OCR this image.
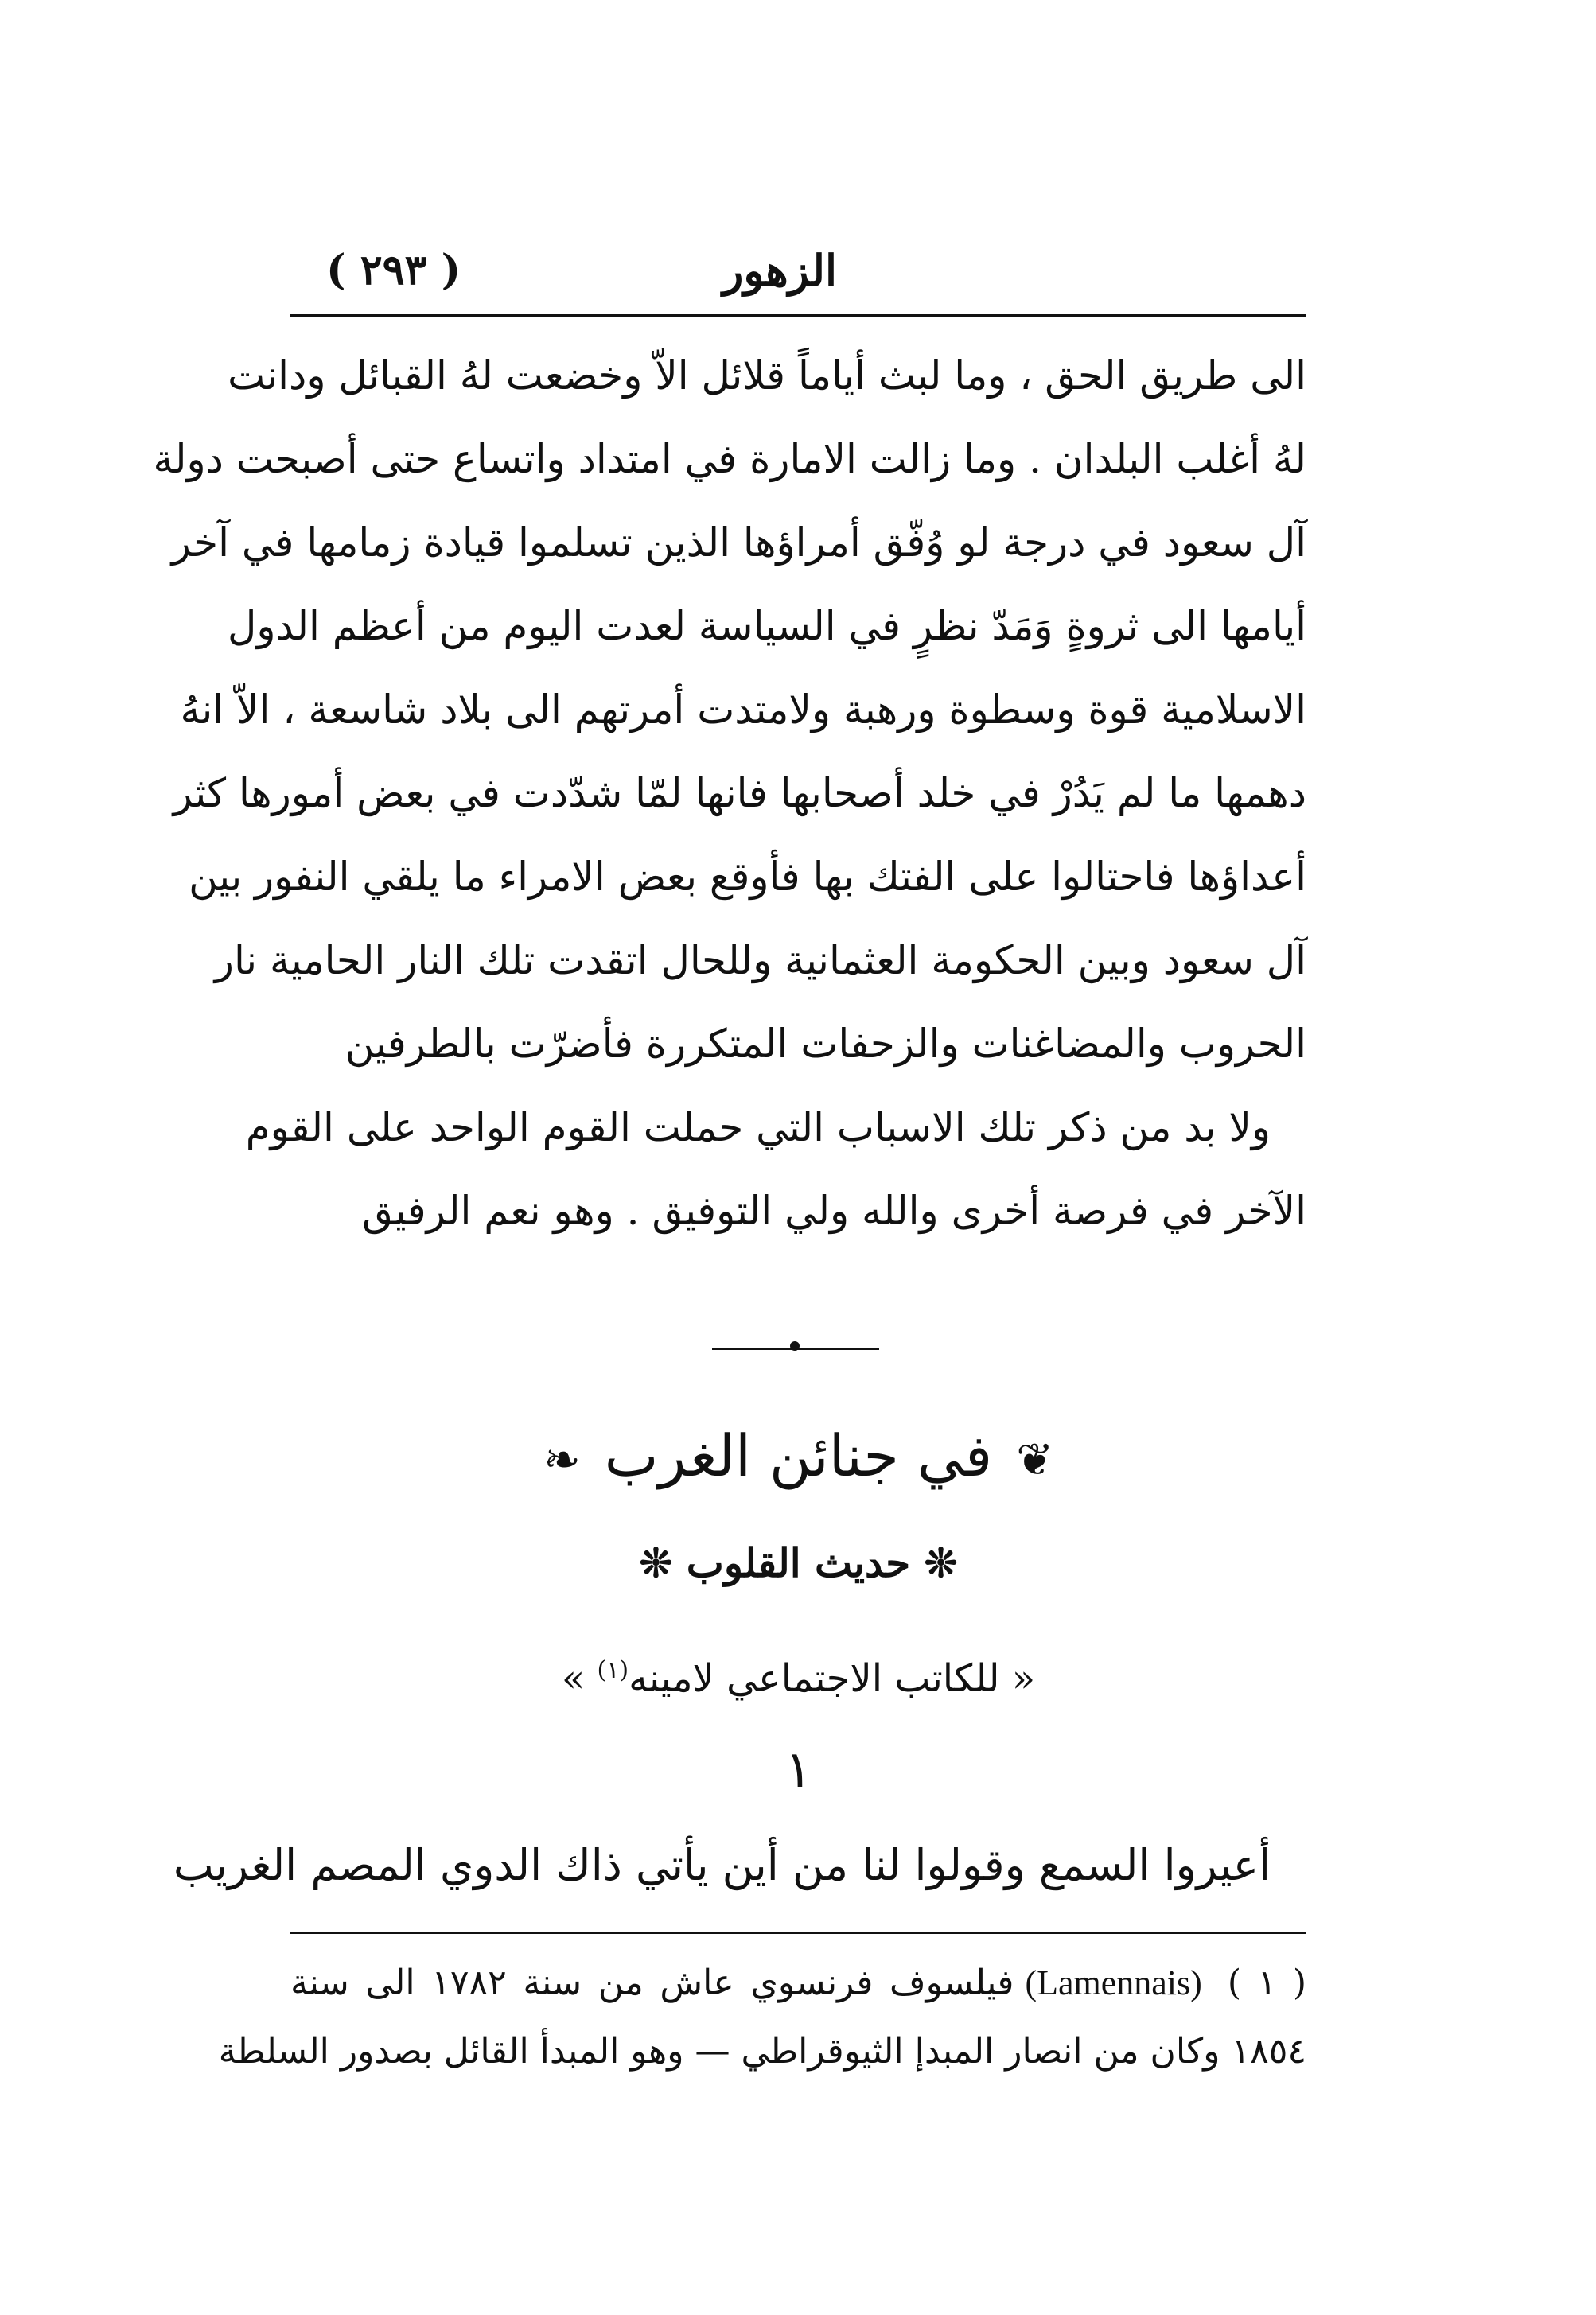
الزهور
( ٢٩٣ )
الى طريق الحق ، وما لبث أياماً قلائل الاّ وخضعت لهُ القبائل ودانت
لهُ أغلب البلدان . وما زالت الامارة في امتداد واتساع حتى أصبحت دولة
آل سعود في درجة لو وُفّق أمراؤها الذين تسلموا قيادة زمامها في آخر
أيامها الى ثروةٍ وَمَدّ نظرٍ في السياسة لعدت اليوم من أعظم الدول
الاسلامية قوة وسطوة ورهبة ولامتدت أمرتهم الى بلاد شاسعة ، الاّ انهُ
دهمها ما لم يَدُرْ في خلد أصحابها فانها لمّا شدّدت في بعض أمورها كثر
أعداؤها فاحتالوا على الفتك بها فأوقع بعض الامراء ما يلقي النفور بين
آل سعود وبين الحكومة العثمانية وللحال اتقدت تلك النار الحامية نار
الحروب والمضاغنات والزحفات المتكررة فأضرّت بالطرفين
ولا بد من ذكر تلك الاسباب التي حملت القوم الواحد على القوم
الآخر في فرصة أخرى والله ولي التوفيق . وهو نعم الرفيق
❦في جنائن الغرب❧
❊ حديث القلوب ❊
« للكاتب الاجتماعي لامينه$^{(١)}$ »
١
أعيروا السمع وقولوا لنا من أين يأتي ذاك الدوي المصم الغريب
( ١ )(Lamennais)فيلسوف فرنسوي عاش من سنة ١٧٨٢ الى سنة
١٨٥٤ وكان من انصار المبدإ الثيوقراطي — وهو المبدأ القائل بصدور السلطة
